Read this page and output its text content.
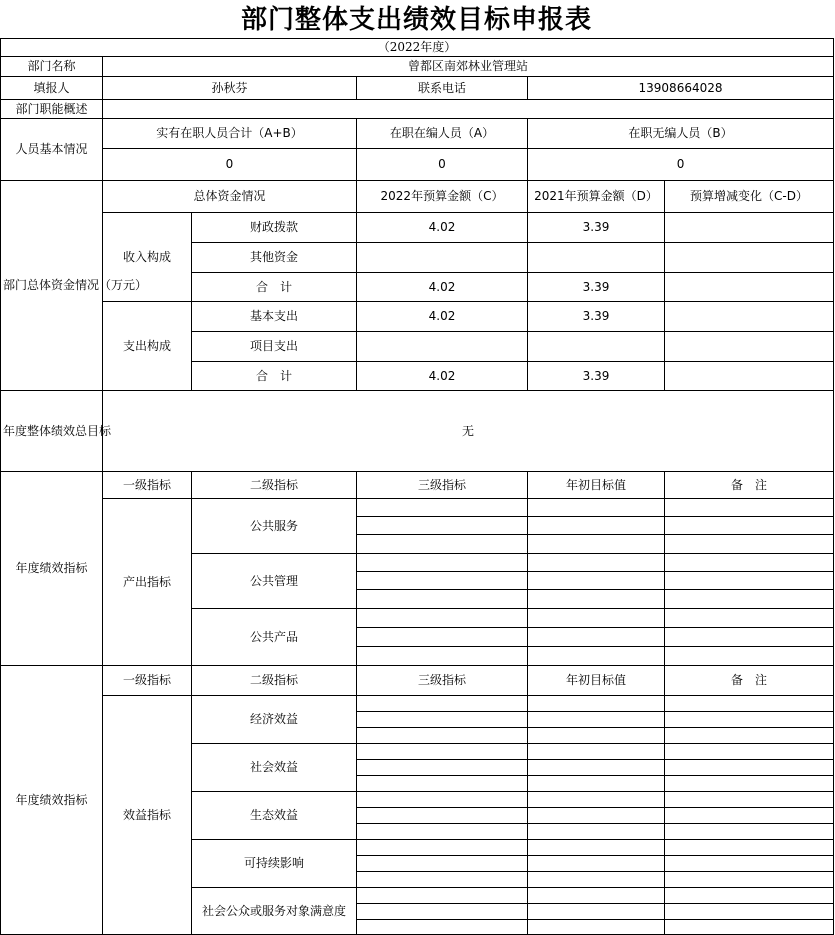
部门整体支出绩效目标申报表
（2022年度）					
部门名称	曾都区南郊林业管理站				
填报人	孙秋芬		联系电话	13908664028	
部门职能概述					
人员基本情况	实有在职人员合计（A+B）		在职在编人员（A）	在职无编人员（B）	
	0		0	0	
部门总体资金情况（万元）	总体资金情况		2022年预算金额（C）	2021年预算金额（D）	预算增减变化（C-D）
	收入构成	财政拨款	4.02	3.39	
		其他资金			
		合　计	4.02	3.39	
	支出构成	基本支出	4.02	3.39	
		项目支出			
		合　计	4.02	3.39	
年度整体绩效总目标	无				
年度绩效指标	一级指标	二级指标	三级指标	年初目标值	备　注
	产出指标	公共服务			

		公共管理			

		公共产品			

年度绩效指标	一级指标	二级指标	三级指标	年初目标值	备　注
	效益指标	经济效益			

		社会效益			

		生态效益			

		可持续影响			

		社会公众或服务对象满意度			
